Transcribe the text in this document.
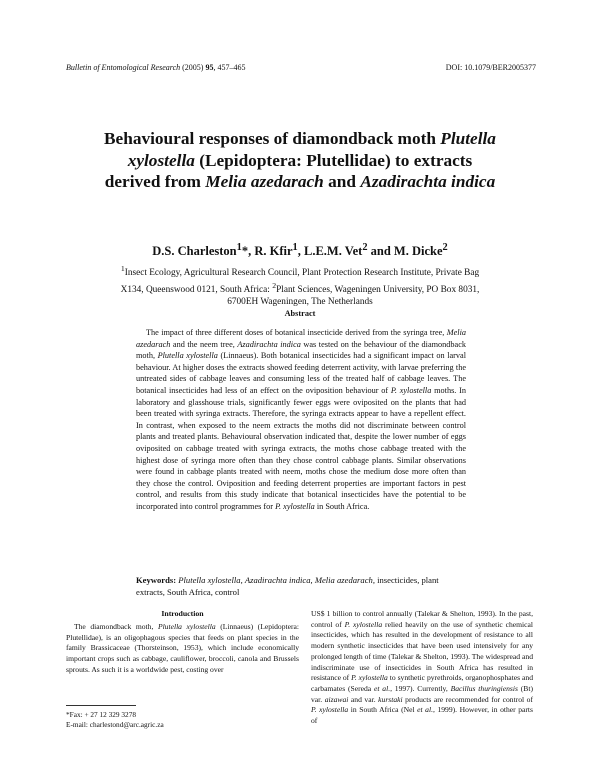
Bulletin of Entomological Research (2005) 95, 457–465	DOI: 10.1079/BER2005377
Behavioural responses of diamondback moth Plutella xylostella (Lepidoptera: Plutellidae) to extracts derived from Melia azedarach and Azadirachta indica
D.S. Charleston$^1$*, R. Kfir$^1$, L.E.M. Vet$^2$ and M. Dicke$^2$
$^1$Insect Ecology, Agricultural Research Council, Plant Protection Research Institute, Private Bag X134, Queenswood 0121, South Africa: $^2$Plant Sciences, Wageningen University, PO Box 8031, 6700EH Wageningen, The Netherlands
Abstract
The impact of three different doses of botanical insecticide derived from the syringa tree, Melia azedarach and the neem tree, Azadirachta indica was tested on the behaviour of the diamondback moth, Plutella xylostella (Linnaeus). Both botanical insecticides had a significant impact on larval behaviour. At higher doses the extracts showed feeding deterrent activity, with larvae preferring the untreated sides of cabbage leaves and consuming less of the treated half of cabbage leaves. The botanical insecticides had less of an effect on the oviposition behaviour of P. xylostella moths. In laboratory and glasshouse trials, significantly fewer eggs were oviposited on the plants that had been treated with syringa extracts. Therefore, the syringa extracts appear to have a repellent effect. In contrast, when exposed to the neem extracts the moths did not discriminate between control plants and treated plants. Behavioural observation indicated that, despite the lower number of eggs oviposited on cabbage treated with syringa extracts, the moths chose cabbage treated with the highest dose of syringa more often than they chose control cabbage plants. Similar observations were found in cabbage plants treated with neem, moths chose the medium dose more often than they chose the control. Oviposition and feeding deterrent properties are important factors in pest control, and results from this study indicate that botanical insecticides have the potential to be incorporated into control programmes for P. xylostella in South Africa.
Keywords: Plutella xylostella, Azadirachta indica, Melia azedarach, insecticides, plant extracts, South Africa, control
Introduction
The diamondback moth, Plutella xylostella (Linnaeus) (Lepidoptera: Plutellidae), is an oligophagous species that feeds on plant species in the family Brassicaceae (Thorsteinson, 1953), which include economically important crops such as cabbage, cauliflower, broccoli, canola and Brussels sprouts. As such it is a worldwide pest, costing over
US$ 1 billion to control annually (Talekar & Shelton, 1993). In the past, control of P. xylostella relied heavily on the use of synthetic chemical insecticides, which has resulted in the development of resistance to all modern synthetic insecticides that have been used intensively for any prolonged length of time (Talekar & Shelton, 1993). The widespread and indiscriminate use of insecticides in South Africa has resulted in resistance of P. xylostella to synthetic pyrethroids, organophosphates and carbamates (Sereda et al., 1997). Currently, Bacillus thuringiensis (Bt) var. aizawai and var. kurstaki products are recommended for control of P. xylostella in South Africa (Nel et al., 1999). However, in other parts of
*Fax: + 27 12 329 3278
E-mail: charlestond@arc.agric.za
